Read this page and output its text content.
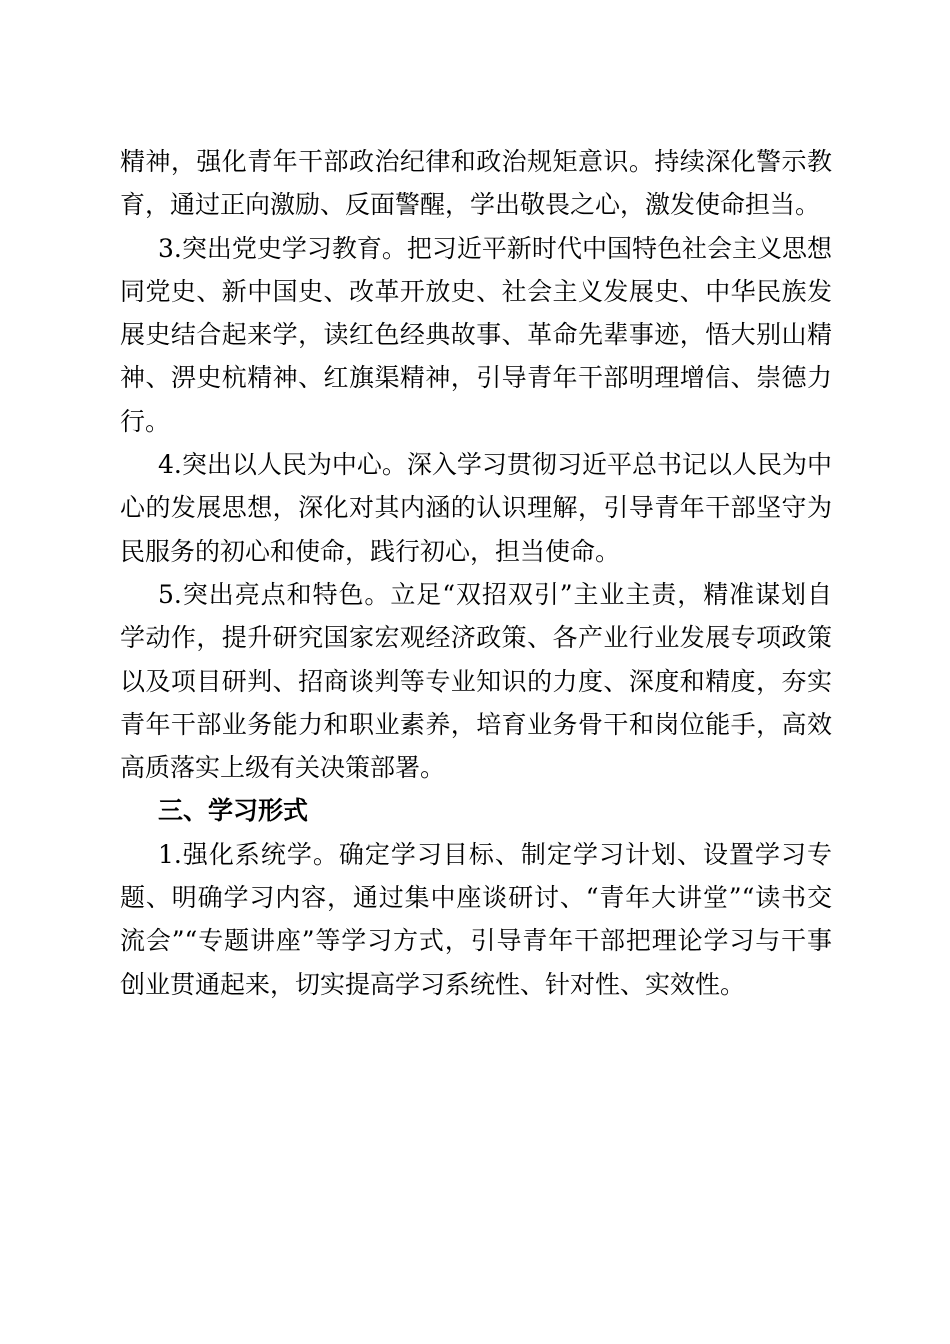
精神，强化青年干部政治纪律和政治规矩意识。持续深化警示教育，通过正向激励、反面警醒，学出敬畏之心，激发使命担当。

3.突出党史学习教育。把习近平新时代中国特色社会主义思想同党史、新中国史、改革开放史、社会主义发展史、中华民族发展史结合起来学，读红色经典故事、革命先辈事迹，悟大别山精神、淠史杭精神、红旗渠精神，引导青年干部明理增信、崇德力行。

4.突出以人民为中心。深入学习贯彻习近平总书记以人民为中心的发展思想，深化对其内涵的认识理解，引导青年干部坚守为民服务的初心和使命，践行初心，担当使命。

5.突出亮点和特色。立足“双招双引”主业主责，精准谋划自学动作，提升研究国家宏观经济政策、各产业行业发展专项政策以及项目研判、招商谈判等专业知识的力度、深度和精度，夯实青年干部业务能力和职业素养，培育业务骨干和岗位能手，高效高质落实上级有关决策部署。

三、学习形式

1.强化系统学。确定学习目标、制定学习计划、设置学习专题、明确学习内容，通过集中座谈研讨、“青年大讲堂”“读书交流会”“专题讲座”等学习方式，引导青年干部把理论学习与干事创业贯通起来，切实提高学习系统性、针对性、实效性。
